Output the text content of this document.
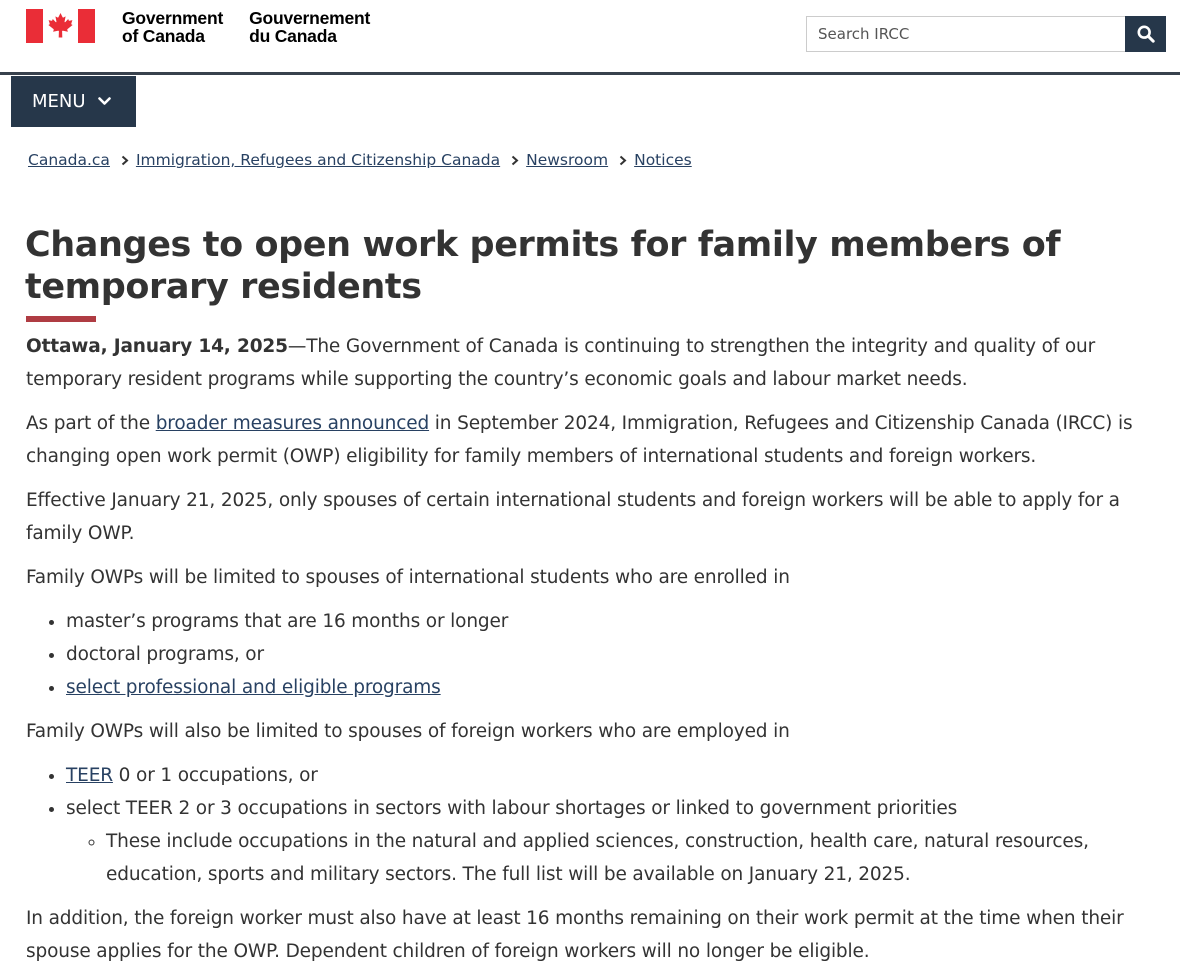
Government
of Canada
Gouvernement
du Canada
Search IRCC
MENU
Canada.ca Immigration, Refugees and Citizenship Canada Newsroom Notices
Changes to open work permits for family members of temporary residents

Ottawa, January 14, 2025—The Government of Canada is continuing to strengthen the integrity and quality of our temporary resident programs while supporting the country’s economic goals and labour market needs.

As part of the broader measures announced in September 2024, Immigration, Refugees and Citizenship Canada (IRCC) is changing open work permit (OWP) eligibility for family members of international students and foreign workers.

Effective January 21, 2025, only spouses of certain international students and foreign workers will be able to apply for a family OWP.

Family OWPs will be limited to spouses of international students who are enrolled in

• master’s programs that are 16 months or longer
• doctoral programs, or
• select professional and eligible programs

Family OWPs will also be limited to spouses of foreign workers who are employed in

• TEER 0 or 1 occupations, or
• select TEER 2 or 3 occupations in sectors with labour shortages or linked to government priorities
◦ These include occupations in the natural and applied sciences, construction, health care, natural resources, education, sports and military sectors. The full list will be available on January 21, 2025.

In addition, the foreign worker must also have at least 16 months remaining on their work permit at the time when their spouse applies for the OWP. Dependent children of foreign workers will no longer be eligible.
